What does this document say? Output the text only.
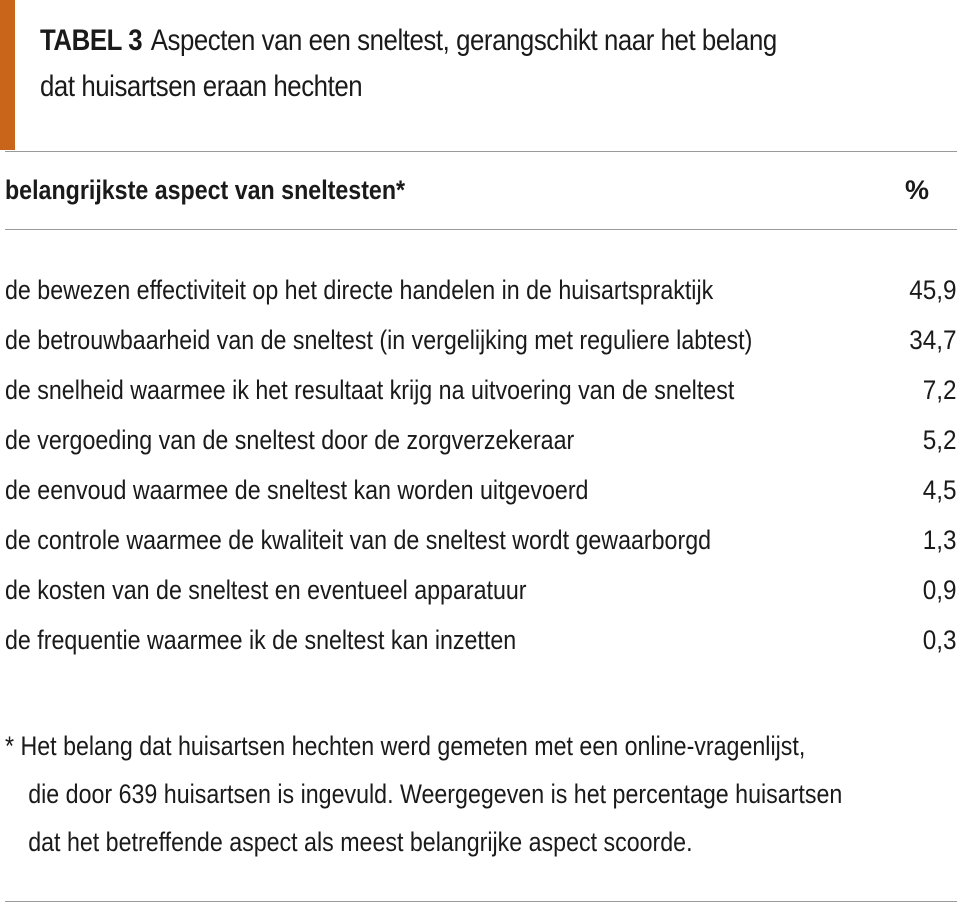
TABEL 3 Aspecten van een sneltest, gerangschikt naar het belang
dat huisartsen eraan hechten
belangrijkste aspect van sneltesten*	%
de bewezen effectiviteit op het directe handelen in de huisartspraktijk	45,9
de betrouwbaarheid van de sneltest (in vergelijking met reguliere labtest)	34,7
de snelheid waarmee ik het resultaat krijg na uitvoering van de sneltest	7,2
de vergoeding van de sneltest door de zorgverzekeraar	5,2
de eenvoud waarmee de sneltest kan worden uitgevoerd	4,5
de controle waarmee de kwaliteit van de sneltest wordt gewaarborgd	1,3
de kosten van de sneltest en eventueel apparatuur	0,9
de frequentie waarmee ik de sneltest kan inzetten	0,3

* Het belang dat huisartsen hechten werd gemeten met een online-vragenlijst,

die door 639 huisartsen is ingevuld. Weergegeven is het percentage huisartsen

dat het betreffende aspect als meest belangrijke aspect scoorde.
